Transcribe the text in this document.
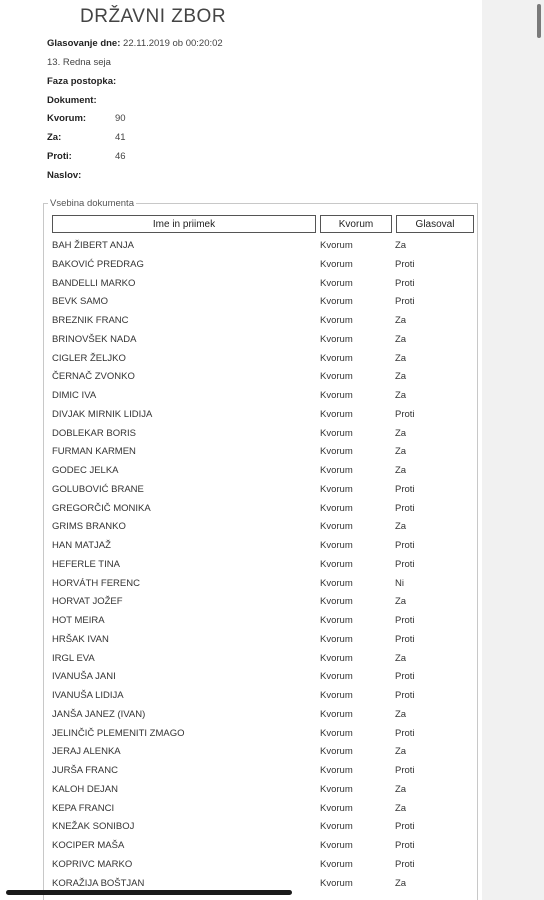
DRŽAVNI ZBOR
Glasovanje dne: 22.11.2019 ob 00:20:02
13. Redna seja
Faza postopka:
Dokument:
Kvorum:	90
Za:	41
Proti:	46
Naslov:
Vsebina dokumenta
Ime in priimek	Kvorum	Glasoval
BAH ŽIBERT ANJA	Kvorum	Za
BAKOVIĆ PREDRAG	Kvorum	Proti
BANDELLI MARKO	Kvorum	Proti
BEVK SAMO	Kvorum	Proti
BREZNIK FRANC	Kvorum	Za
BRINOVŠEK NADA	Kvorum	Za
CIGLER ŽELJKO	Kvorum	Za
ČERNAČ ZVONKO	Kvorum	Za
DIMIC IVA	Kvorum	Za
DIVJAK MIRNIK LIDIJA	Kvorum	Proti
DOBLEKAR BORIS	Kvorum	Za
FURMAN KARMEN	Kvorum	Za
GODEC JELKA	Kvorum	Za
GOLUBOVIĆ BRANE	Kvorum	Proti
GREGORČIČ MONIKA	Kvorum	Proti
GRIMS BRANKO	Kvorum	Za
HAN MATJAŽ	Kvorum	Proti
HEFERLE TINA	Kvorum	Proti
HORVÁTH FERENC	Kvorum	Ni
HORVAT JOŽEF	Kvorum	Za
HOT MEIRA	Kvorum	Proti
HRŠAK IVAN	Kvorum	Proti
IRGL EVA	Kvorum	Za
IVANUŠA JANI	Kvorum	Proti
IVANUŠA LIDIJA	Kvorum	Proti
JANŠA JANEZ (IVAN)	Kvorum	Za
JELINČIČ PLEMENITI ZMAGO	Kvorum	Proti
JERAJ ALENKA	Kvorum	Za
JURŠA FRANC	Kvorum	Proti
KALOH DEJAN	Kvorum	Za
KEPA FRANCI	Kvorum	Za
KNEŽAK SONIBOJ	Kvorum	Proti
KOCIPER MAŠA	Kvorum	Proti
KOPRIVC MARKO	Kvorum	Proti
KORAŽIJA BOŠTJAN	Kvorum	Za
